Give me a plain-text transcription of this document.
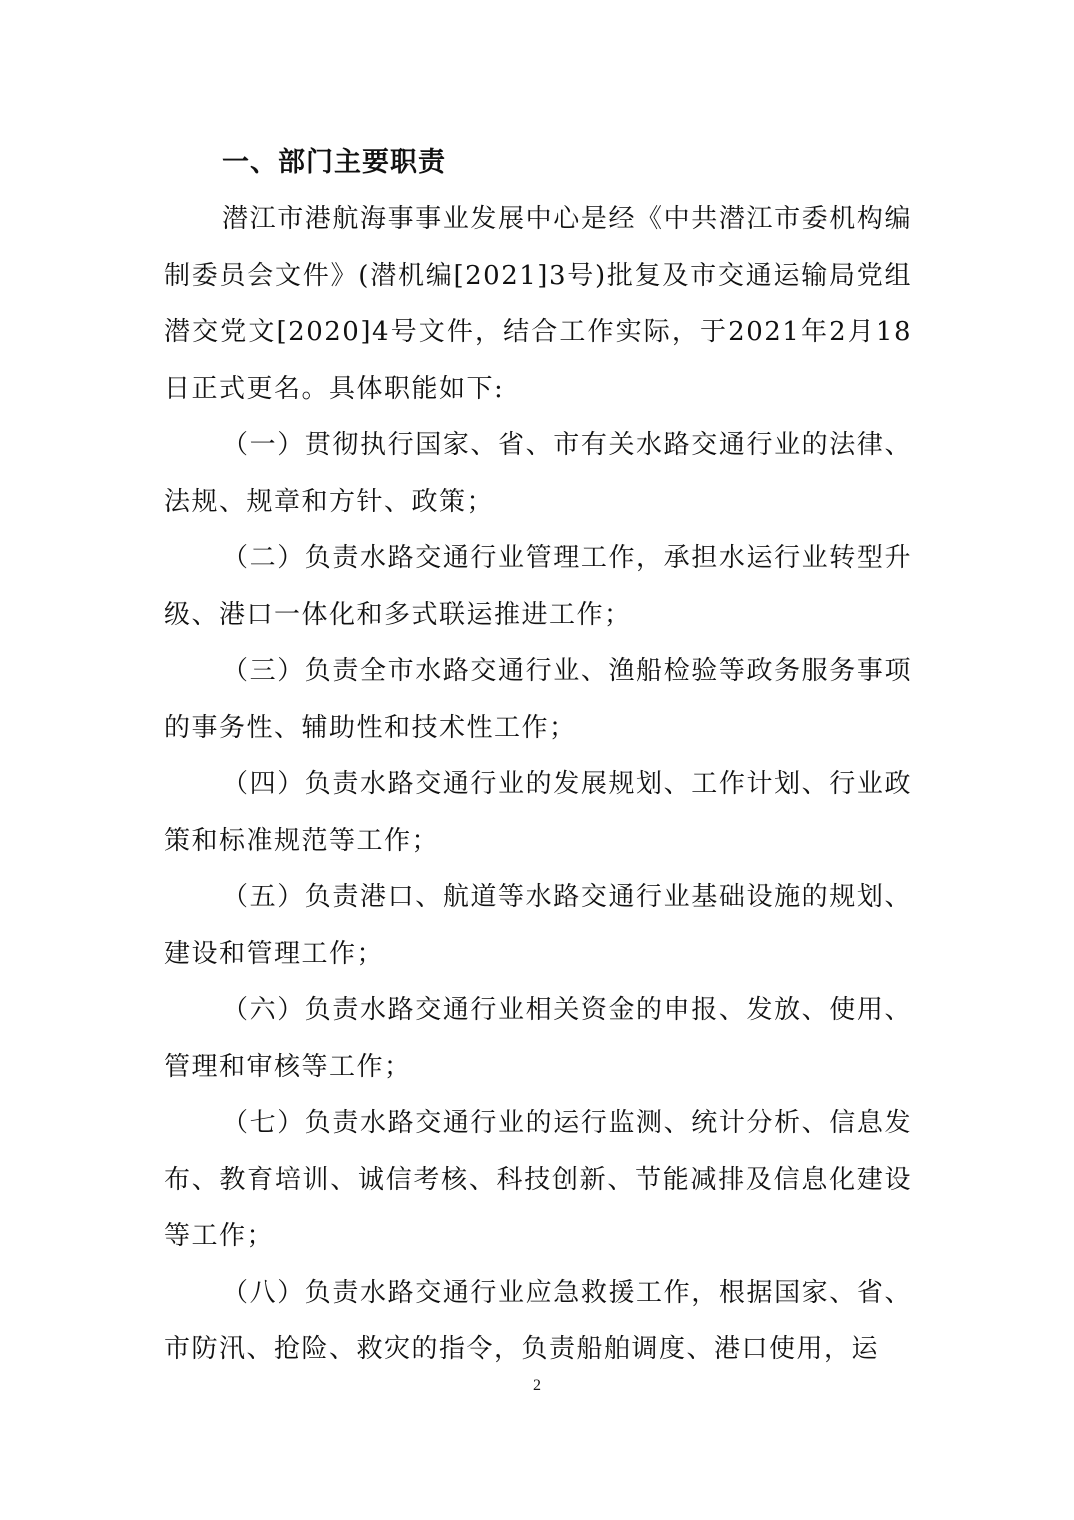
一、部门主要职责

潜江市港航海事事业发展中心是经《中共潜江市委机构编制委员会文件》(潜机编[2021]3号)批复及市交通运输局党组潜交党文[2020]4号文件，结合工作实际，于2021年2月18日正式更名。具体职能如下:

（一）贯彻执行国家、省、市有关水路交通行业的法律、法规、规章和方针、政策；

（二）负责水路交通行业管理工作，承担水运行业转型升级、港口一体化和多式联运推进工作；

（三）负责全市水路交通行业、渔船检验等政务服务事项的事务性、辅助性和技术性工作；

（四）负责水路交通行业的发展规划、工作计划、行业政策和标准规范等工作；

（五）负责港口、航道等水路交通行业基础设施的规划、建设和管理工作；

（六）负责水路交通行业相关资金的申报、发放、使用、管理和审核等工作；

（七）负责水路交通行业的运行监测、统计分析、信息发布、教育培训、诚信考核、科技创新、节能减排及信息化建设等工作；

（八）负责水路交通行业应急救援工作，根据国家、省、市防汛、抢险、救灾的指令，负责船舶调度、港口使用，运

2
